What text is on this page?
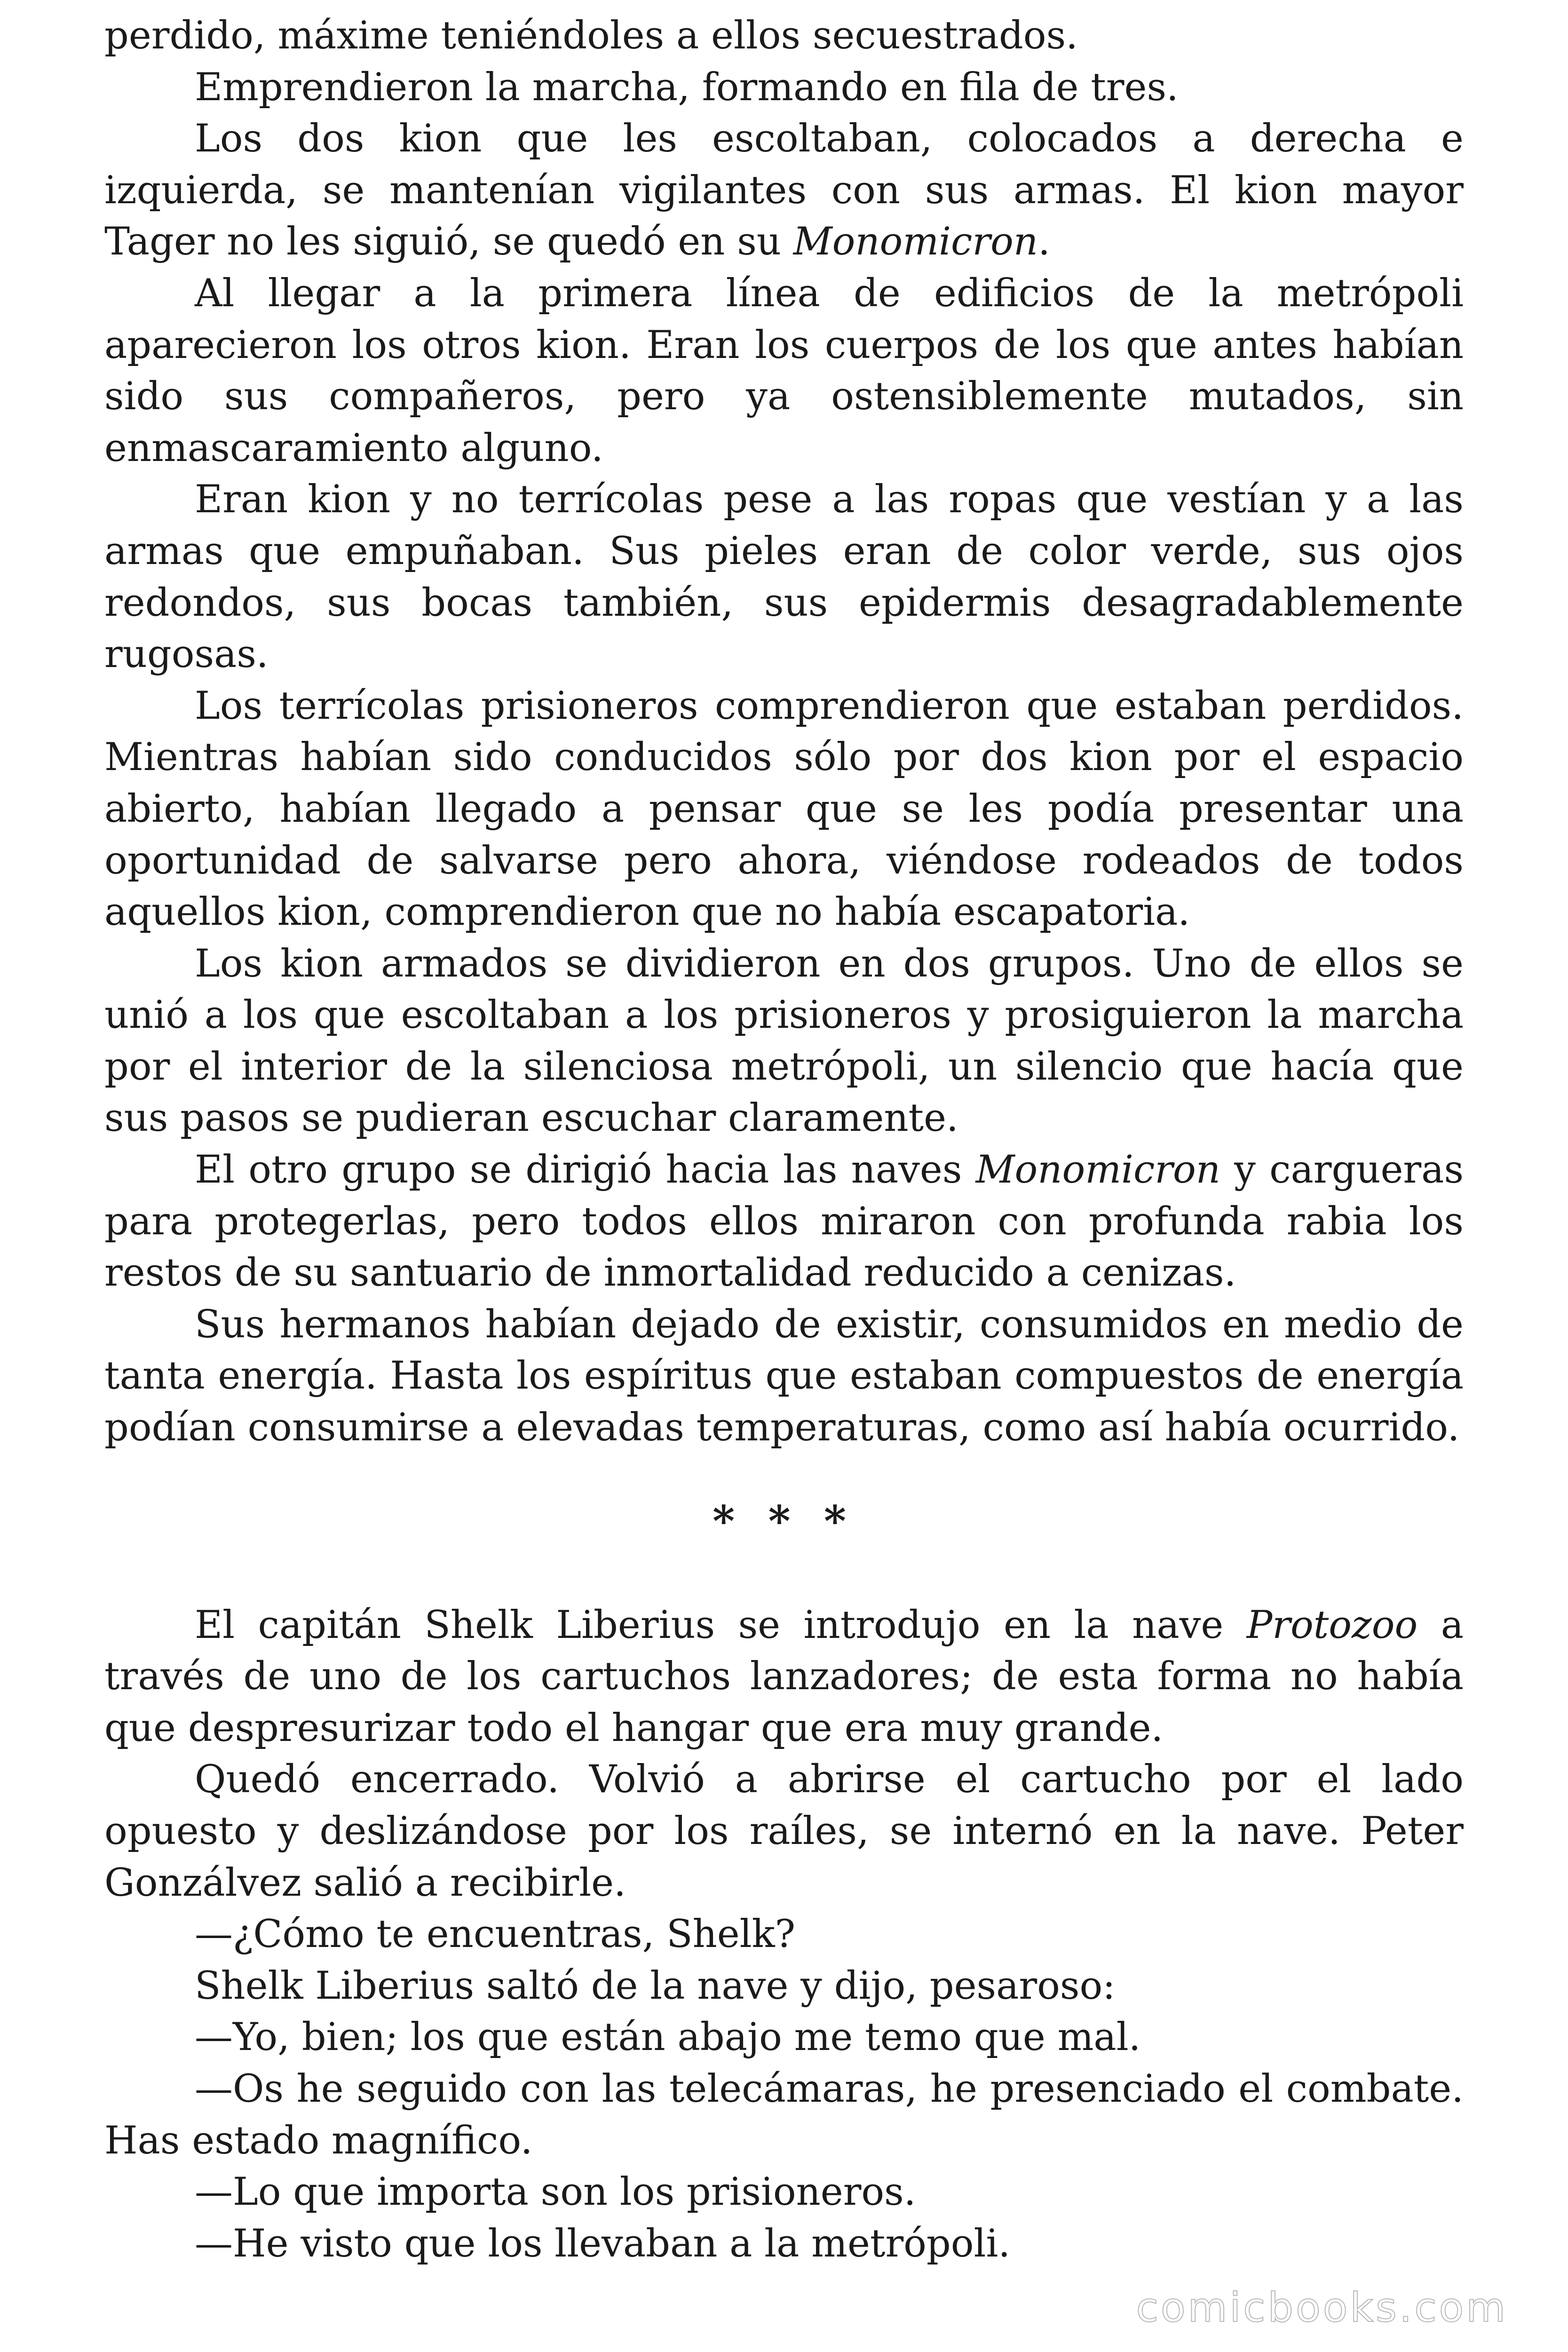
perdido, máxime teniéndoles a ellos secuestrados.

Emprendieron la marcha, formando en fila de tres.

Los dos kion que les escoltaban, colocados a derecha e izquierda, se mantenían vigilantes con sus armas. El kion mayor Tager no les siguió, se quedó en su Monomicron.

Al llegar a la primera línea de edificios de la metrópoli aparecieron los otros kion. Eran los cuerpos de los que antes habían sido sus compañeros, pero ya ostensiblemente mutados, sin enmascaramiento alguno.

Eran kion y no terrícolas pese a las ropas que vestían y a las armas que empuñaban. Sus pieles eran de color verde, sus ojos redondos, sus bocas también, sus epidermis desagradablemente rugosas.

Los terrícolas prisioneros comprendieron que estaban perdidos. Mientras habían sido conducidos sólo por dos kion por el espacio abierto, habían llegado a pensar que se les podía presentar una oportunidad de salvarse pero ahora, viéndose rodeados de todos aquellos kion, comprendieron que no había escapatoria.

Los kion armados se dividieron en dos grupos. Uno de ellos se unió a los que escoltaban a los prisioneros y prosiguieron la marcha por el interior de la silenciosa metrópoli, un silencio que hacía que sus pasos se pudieran escuchar claramente.

El otro grupo se dirigió hacia las naves Monomicron y cargueras para protegerlas, pero todos ellos miraron con profunda rabia los restos de su santuario de inmortalidad reducido a cenizas.

Sus hermanos habían dejado de existir, consumidos en medio de tanta energía. Hasta los espíritus que estaban compuestos de energía podían consumirse a elevadas temperaturas, como así había ocurrido.

* * *

El capitán Shelk Liberius se introdujo en la nave Protozoo a través de uno de los cartuchos lanzadores; de esta forma no había que despresurizar todo el hangar que era muy grande.

Quedó encerrado. Volvió a abrirse el cartucho por el lado opuesto y deslizándose por los raíles, se internó en la nave. Peter Gonzálvez salió a recibirle.

—¿Cómo te encuentras, Shelk?

Shelk Liberius saltó de la nave y dijo, pesaroso:

—Yo, bien; los que están abajo me temo que mal.

—Os he seguido con las telecámaras, he presenciado el combate. Has estado magnífico.

—Lo que importa son los prisioneros.

—He visto que los llevaban a la metrópoli.

comicbooks.com
